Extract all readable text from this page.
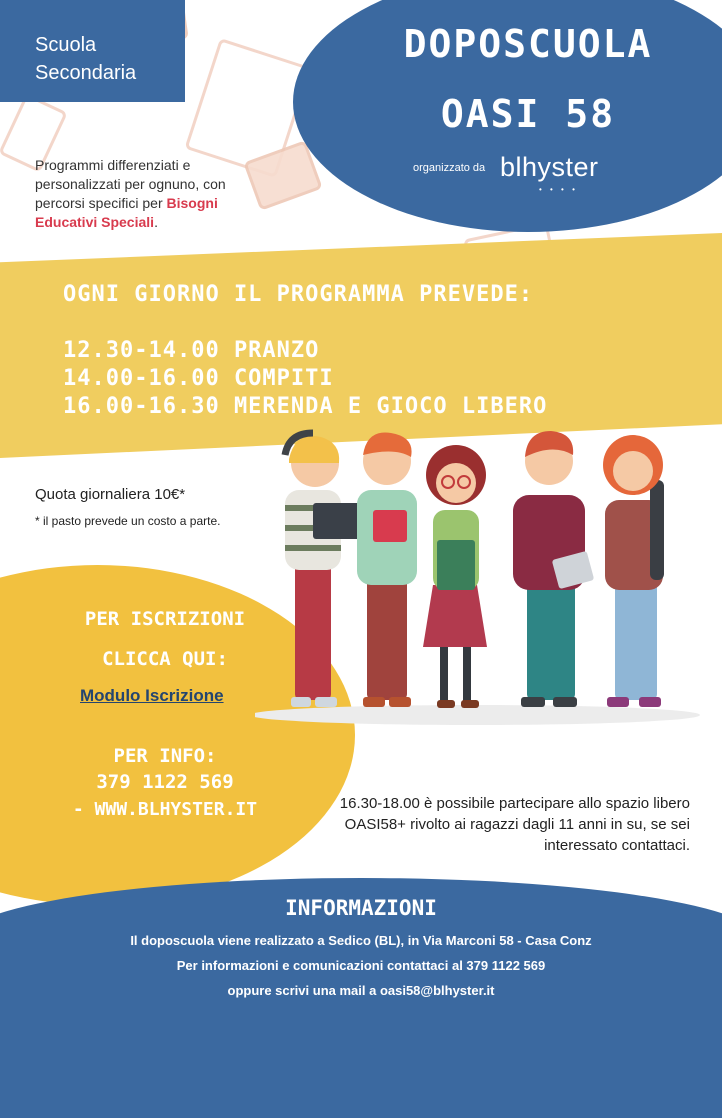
Scuola
Secondaria
Programmi differenziati e personalizzati per ognuno, con percorsi specifici per Bisogni Educativi Speciali.
DOPOSCUOLA
OASI 58
organizzato da blhyster
• • • •
OGNI GIORNO IL PROGRAMMA PREVEDE:
12.30-14.00 PRANZO
14.00-16.00 COMPITI
16.00-16.30 MERENDA E GIOCO LIBERO
Quota giornaliera 10€*
* il pasto prevede un costo a parte.
PER ISCRIZIONI
CLICCA QUI:
Modulo Iscrizione
PER INFO:
379 1122 569
- WWW.BLHYSTER.IT	16.30-18.00 è possibile partecipare allo spazio libero OASI58+ rivolto ai ragazzi dagli 11 anni in su, se sei interessato contattaci.
INFORMAZIONI
Il doposcuola viene realizzato a Sedico (BL), in Via Marconi 58 - Casa Conz
Per informazioni e comunicazioni contattaci al 379 1122 569
oppure scrivi una mail a oasi58@blhyster.it
